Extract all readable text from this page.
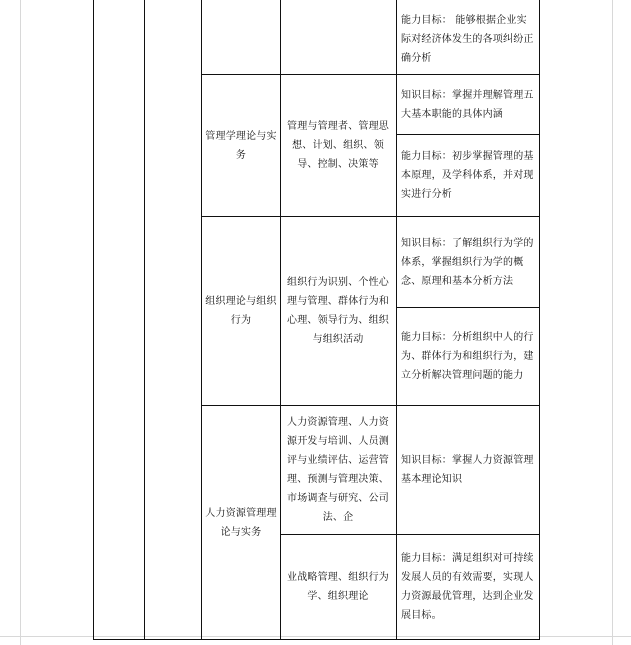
能力目标： 能够根据企业实际对经济体发生的各项纠纷正确分析
管理学理论与实务
管理与管理者、管理思想、计划、组织、领导、控制、决策等
知识目标：掌握并理解管理五大基本职能的具体内涵
能力目标：初步掌握管理的基本原理，及学科体系，并对现实进行分析
组织理论与组织行为
组织行为识别、个性心理与管理、群体行为和心理、领导行为、组织与组织活动
知识目标：了解组织行为学的体系，掌握组织行为学的概念、原理和基本分析方法
能力目标：分析组织中人的行为、群体行为和组织行为，建立分析解决管理问题的能力
人力资源管理理论与实务
人力资源管理、人力资源开发与培训、人员测评与业绩评估、运营管理、预测与管理决策、市场调查与研究、公司法、企
业战略管理、组织行为学、组织理论
知识目标：掌握人力资源管理基本理论知识
能力目标：满足组织对可持续发展人员的有效需要，实现人力资源最优管理，达到企业发展目标。
